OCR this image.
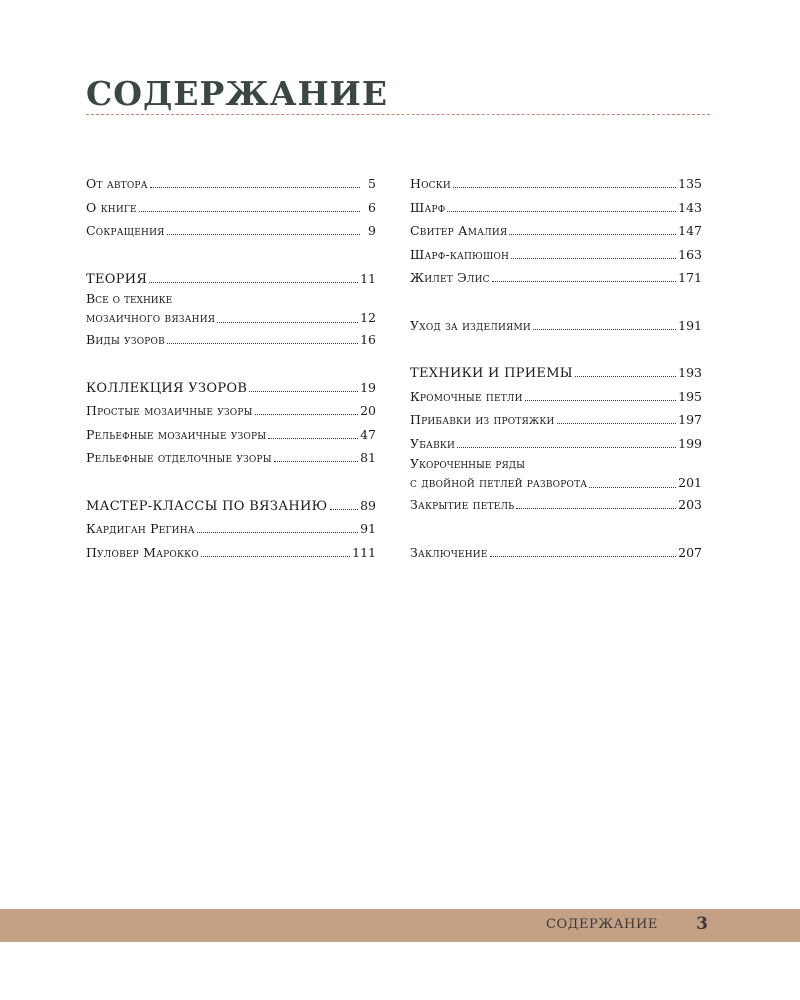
СОДЕРЖАНИЕ
От автора	5
О книге	6
Сокращения	9
ТЕОРИЯ	11
Все о технике
мозаичного вязания	12
Виды узоров	16
КОЛЛЕКЦИЯ УЗОРОВ	19
Простые мозаичные узоры	20
Рельефные мозаичные узоры	47
Рельефные отделочные узоры	81
МАСТЕР-КЛАССЫ ПО ВЯЗАНИЮ	89
Кардиган Регина	91
Пуловер Марокко	111
Носки	135
Шарф	143
Свитер Амалия	147
Шарф-капюшон	163
Жилет Элис	171
Уход за изделиями	191
ТЕХНИКИ И ПРИЕМЫ	193
Кромочные петли	195
Прибавки из протяжки	197
Убавки	199
Укороченные ряды
с двойной петлей разворота	201
Закрытие петель	203
Заключение	207
СОДЕРЖАНИЕ 3
